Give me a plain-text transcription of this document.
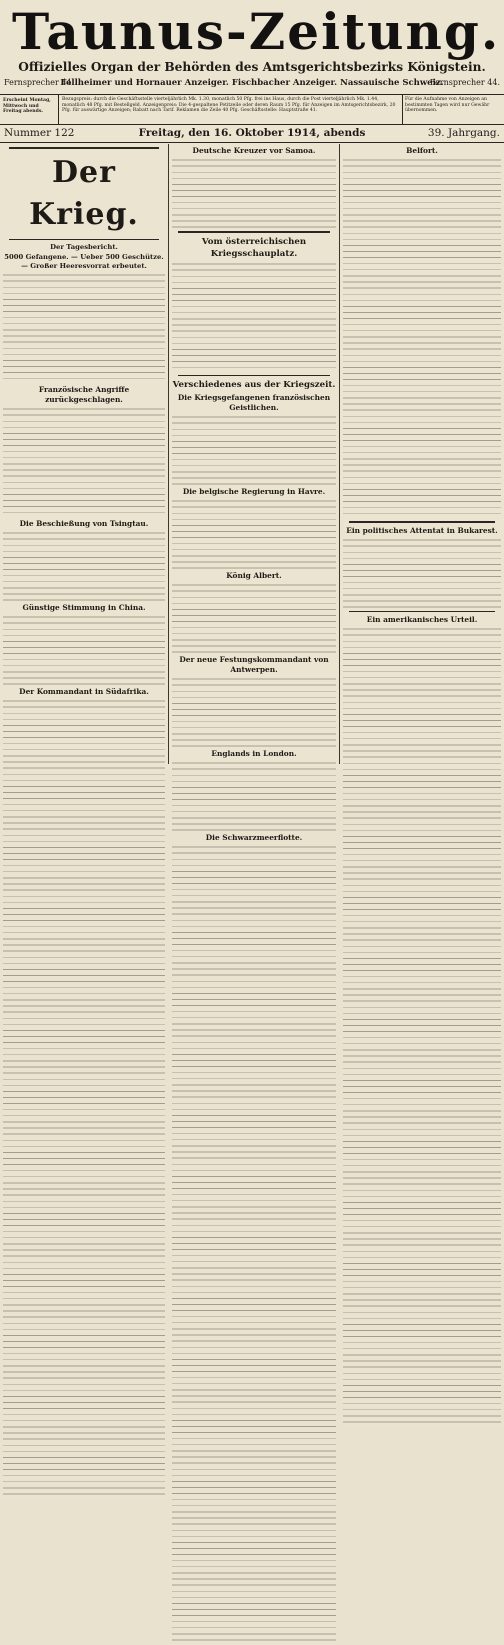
Taunus-Zeitung.
Offizielles Organ der Behörden des Amtsgerichtsbezirks Königstein.
Fernsprecher 44.
Fellheimer und Hornauer Anzeiger. Fischbacher Anzeiger. Nassauische Schweiz.
Fernsprecher 44.
Erscheint Montag, Mittwoch und Freitag abends.
Bezugspreis: durch die Geschäftsstelle vierteljährlich Mk. 1.30, monatlich 50 Pfg. frei ins Haus, durch die Post vierteljährlich Mk. 1.44, monatlich 48 Pfg. mit Bestellgeld. Anzeigenpreis: Die 4-gespaltene Petitzeile oder deren Raum 15 Pfg. für Anzeigen im Amtsgerichtsbezirk, 20 Pfg. für auswärtige Anzeigen; Rabatt nach Tarif. Reklamen die Zeile 40 Pfg. Geschäftsstelle: Hauptstraße 41.
Für die Aufnahme von Anzeigen an bestimmten Tagen wird nur Gewähr übernommen.
Nummer 122	Freitag, den 16. Oktober 1914, abends	39. Jahrgang.
Der Krieg.
Der Tagesbericht.
5000 Gefangene. — Ueber 500 Geschütze. — Großer Heeresvorrat erbeutet.
Französische Angriffe zurückgeschlagen.
Die Beschießung von Tsingtau.
Günstige Stimmung in China.
Der Kommandant in Südafrika.
Deutsche Kreuzer vor Samoa.
Vom österreichischen Kriegsschauplatz.
Verschiedenes aus der Kriegszeit.
Die Kriegsgefangenen französischen Geistlichen.
Die belgische Regierung in Havre.
König Albert.
Der neue Festungskommandant von Antwerpen.
Englands in London.
Die Schwarzmeerflotte.
Belfort.
Ein politisches Attentat in Bukarest.
Ein amerikanisches Urteil.
